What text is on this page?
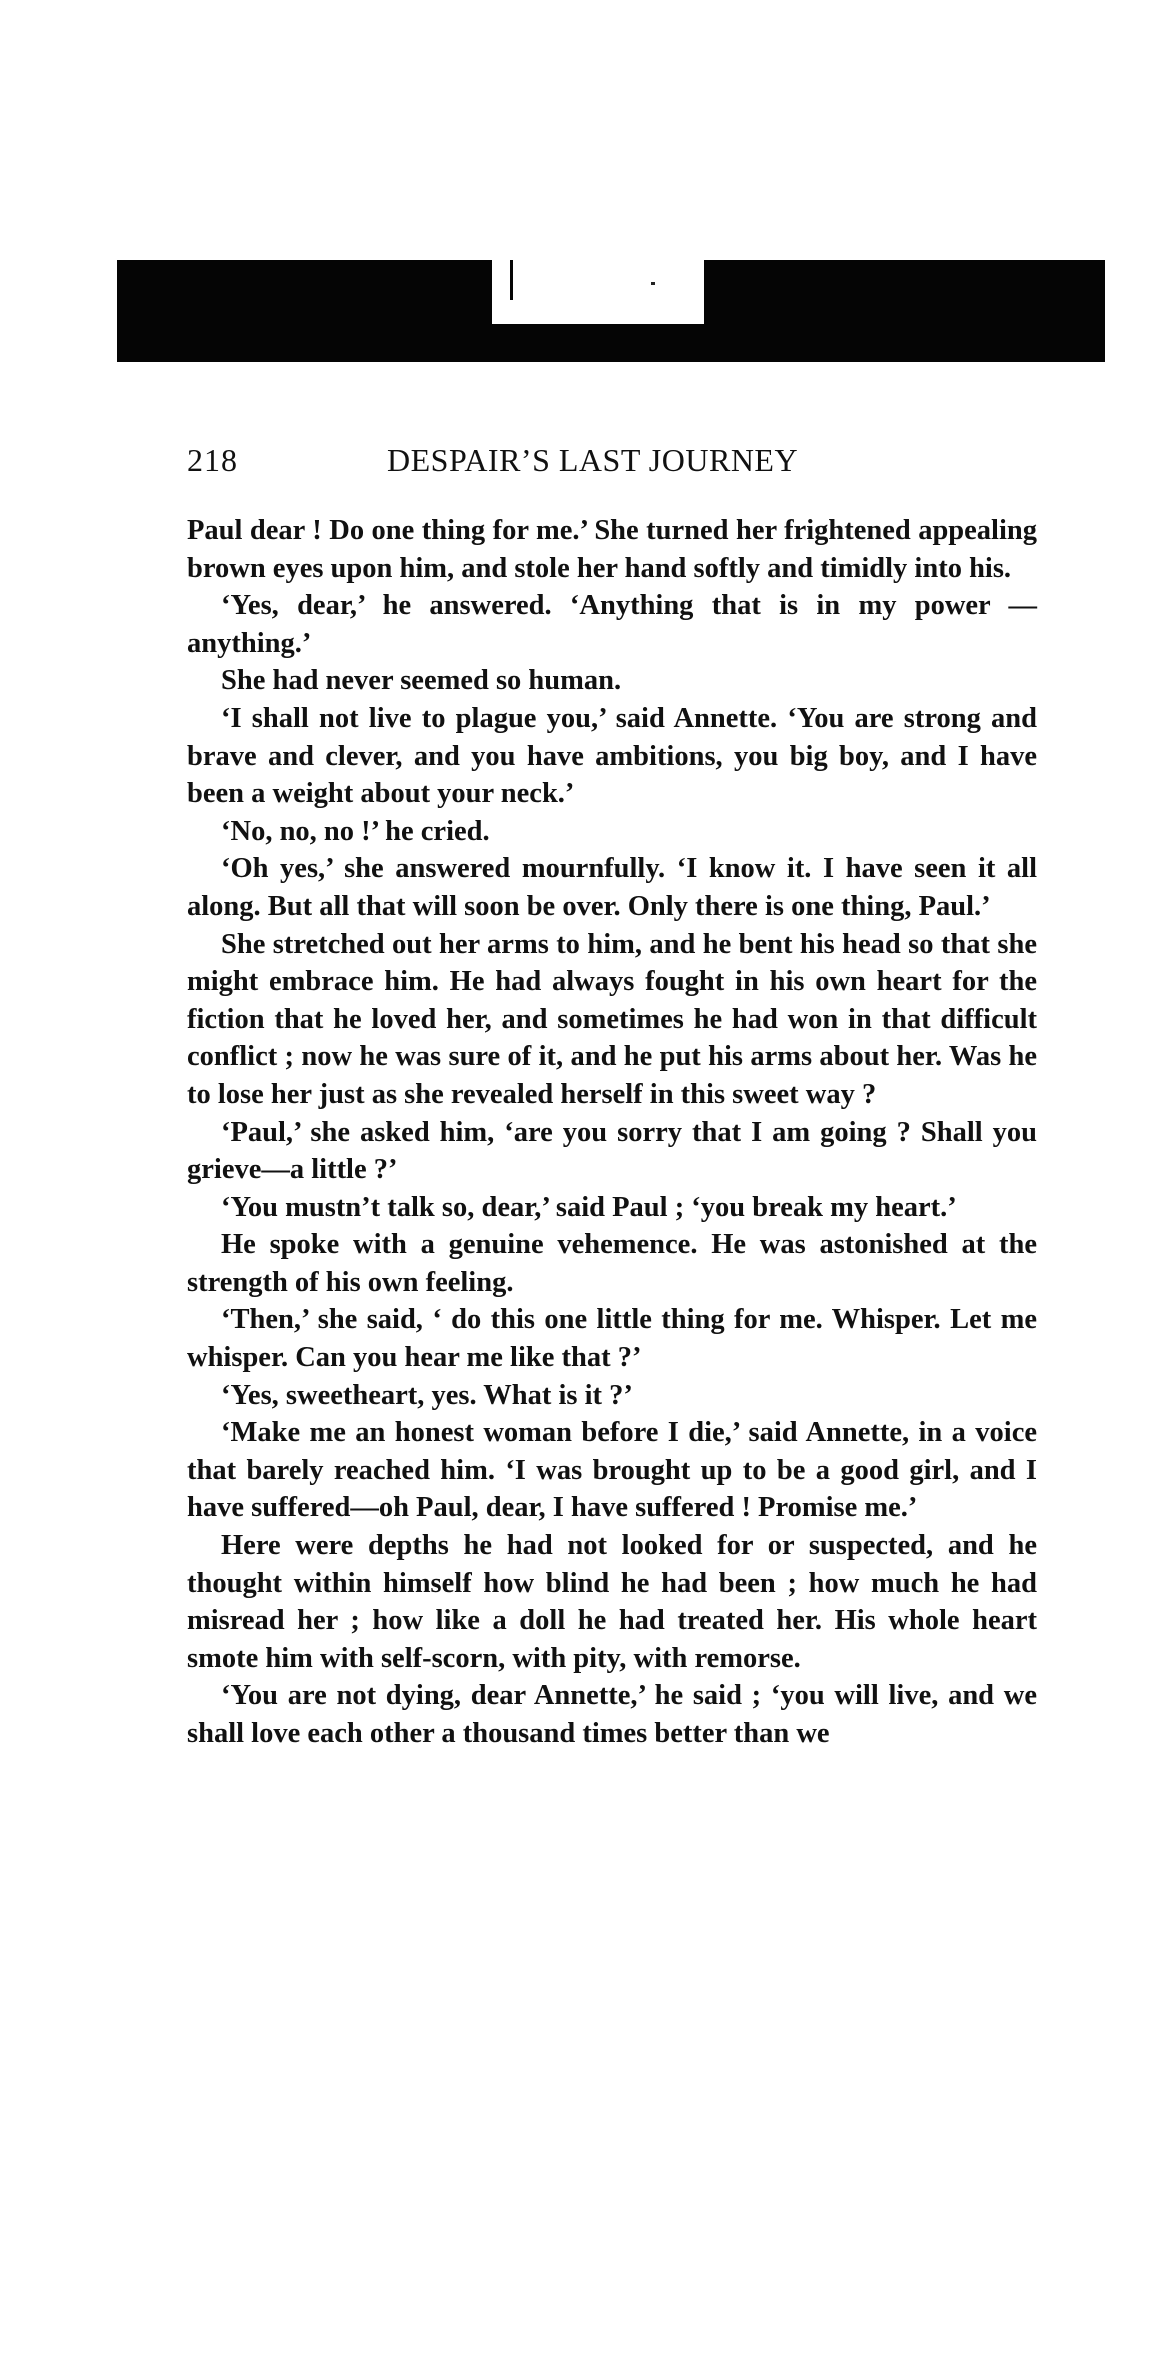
218	DESPAIR’S LAST JOURNEY

Paul dear ! Do one thing for me.’ She turned her frightened appealing brown eyes upon him, and stole her hand softly and timidly into his.

‘Yes, dear,’ he answered. ‘Anything that is in my power —anything.’

She had never seemed so human.

‘I shall not live to plague you,’ said Annette. ‘You are strong and brave and clever, and you have ambitions, you big boy, and I have been a weight about your neck.’

‘No, no, no !’ he cried.

‘Oh yes,’ she answered mournfully. ‘I know it. I have seen it all along. But all that will soon be over. Only there is one thing, Paul.’

She stretched out her arms to him, and he bent his head so that she might embrace him. He had always fought in his own heart for the fiction that he loved her, and sometimes he had won in that difficult conflict ; now he was sure of it, and he put his arms about her. Was he to lose her just as she revealed herself in this sweet way ?

‘Paul,’ she asked him, ‘are you sorry that I am going ? Shall you grieve—a little ?’

‘You mustn’t talk so, dear,’ said Paul ; ‘you break my heart.’

He spoke with a genuine vehemence. He was astonished at the strength of his own feeling.

‘Then,’ she said, ‘ do this one little thing for me. Whisper. Let me whisper. Can you hear me like that ?’

‘Yes, sweetheart, yes. What is it ?’

‘Make me an honest woman before I die,’ said Annette, in a voice that barely reached him. ‘I was brought up to be a good girl, and I have suffered—oh Paul, dear, I have suffered ! Promise me.’

Here were depths he had not looked for or suspected, and he thought within himself how blind he had been ; how much he had misread her ; how like a doll he had treated her. His whole heart smote him with self-scorn, with pity, with remorse.

‘You are not dying, dear Annette,’ he said ; ‘you will live, and we shall love each other a thousand times better than we
